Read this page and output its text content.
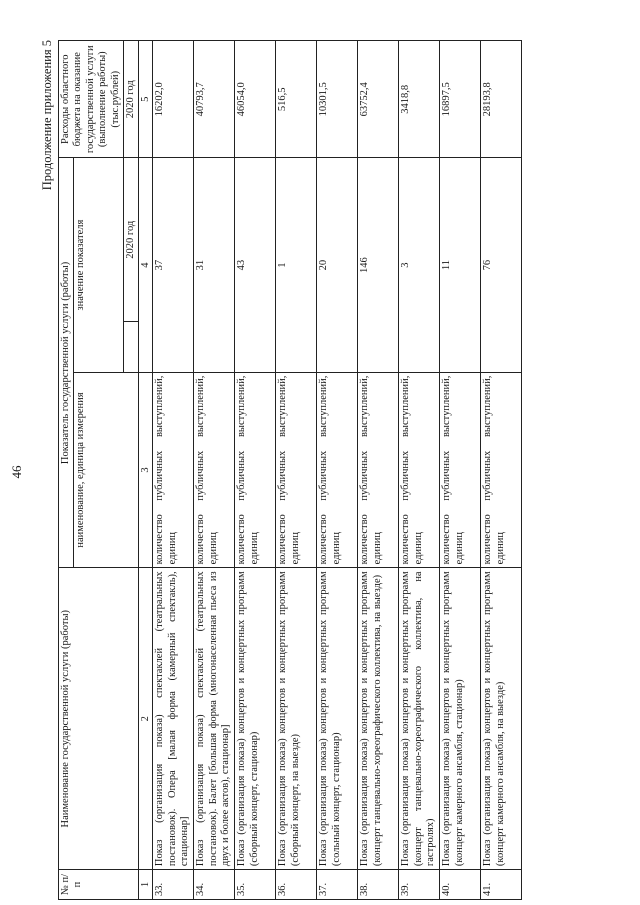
46
Продолжение приложения 5
№ п/п	Наименование государственной услуги (работы)	Показатель государственной услуги (работы)			Расходы областного бюджета на оказание государственной услуги (выполнение работы) (тыс.рублей)
		наименование, единица измерения	значение показателя		
				2020 год	2020 год
1	2	3	4		5
33.	Показ (организация показа) спектаклей (театральных постановок). Опера [малая форма (камерный спектакль), стационар]	количество публичных выступлений, единиц	37		16202,0
34.	Показ (организация показа) спектаклей (театральных постановок). Балет [большая форма (многонаселенная пьеса из двух и более актов), стационар]	количество публичных выступлений, единиц	31		40793,7
35.	Показ (организация показа) концертов и концертных программ (сборный концерт, стационар)	количество публичных выступлений, единиц	43		46054,0
36.	Показ (организация показа) концертов и концертных программ (сборный концерт, на выезде)	количество публичных выступлений, единиц	1		516,5
37.	Показ (организация показа) концертов и концертных программ (сольный концерт, стационар)	количество публичных выступлений, единиц	20		10301,5
38.	Показ (организация показа) концертов и концертных программ (концерт танцевально-хореографического коллектива, на выезде)	количество публичных выступлений, единиц	146		63752,4
39.	Показ (организация показа) концертов и концертных программ (концерт танцевально-хореографического коллектива, на гастролях)	количество публичных выступлений, единиц	3		3418,8
40.	Показ (организация показа) концертов и концертных программ (концерт камерного ансамбля, стационар)	количество публичных выступлений, единиц	11		16897,5
41.	Показ (организация показа) концертов и концертных программ (концерт камерного ансамбля, на выезде)	количество публичных выступлений, единиц	76		28193,8
